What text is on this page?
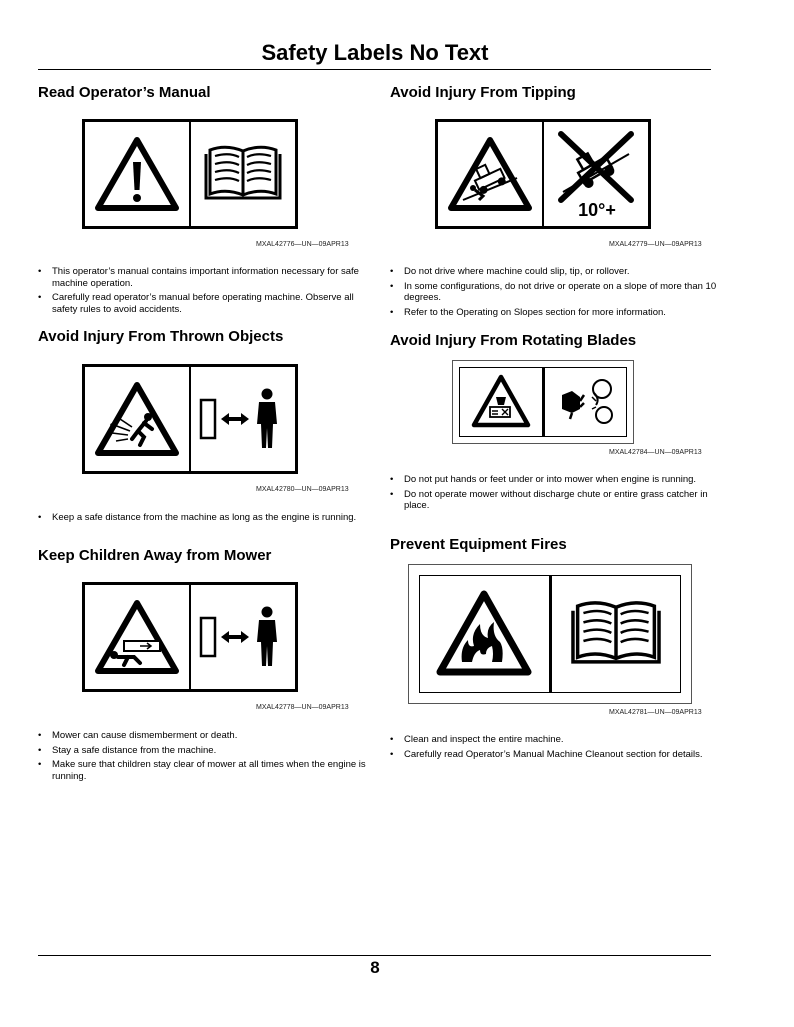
Safety Labels No Text
Read Operator’s Manual
MXAL42776—UN—09APR13
• This operator’s manual contains important information necessary for safe machine operation.
• Carefully read operator’s manual before operating machine. Observe all safety rules to avoid accidents.
Avoid Injury From Thrown Objects
MXAL42780—UN—09APR13
• Keep a safe distance from the machine as long as the engine is running.
Keep Children Away from Mower
MXAL42778—UN—09APR13
• Mower can cause dismemberment or death.
• Stay a safe distance from the machine.
• Make sure that children stay clear of mower at all times when the engine is running.
Avoid Injury From Tipping
10°+
MXAL42779—UN—09APR13
• Do not drive where machine could slip, tip, or rollover.
• In some configurations, do not drive or operate on a slope of more than 10 degrees.
• Refer to the Operating on Slopes section for more information.
Avoid Injury From Rotating Blades
MXAL42784—UN—09APR13
• Do not put hands or feet under or into mower when engine is running.
• Do not operate mower without discharge chute or entire grass catcher in place.
Prevent Equipment Fires
MXAL42781—UN—09APR13
• Clean and inspect the entire machine.
• Carefully read Operator’s Manual Machine Cleanout section for details.
8
